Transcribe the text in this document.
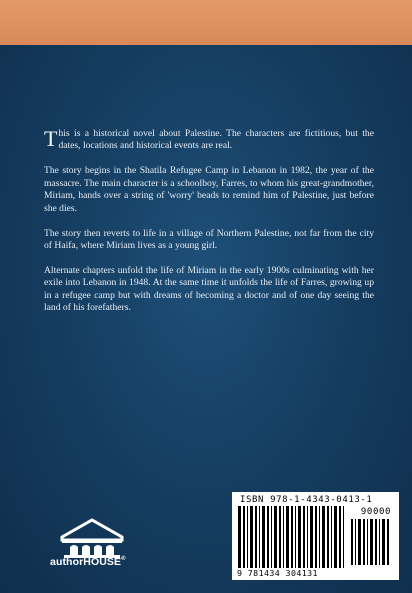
This is a historical novel about Palestine. The characters are fictitious, but the dates, locations and historical events are real.

The story begins in the Shatila Refugee Camp in Lebanon in 1982, the year of the massacre. The main character is a schoolboy, Farres, to whom his great-grandmother, Miriam, hands over a string of 'worry' beads to remind him of Palestine, just before she dies.

The story then reverts to life in a village of Northern Palestine, not far from the city of Haifa, where Miriam lives as a young girl.

Alternate chapters unfold the life of Miriam in the early 1900s culminating with her exile into Lebanon in 1948. At the same time it unfolds the life of Farres, growing up in a refugee camp but with dreams of becoming a doctor and of one day seeing the land of his forefathers.

authorHOUSE®
ISBN 978-1-4343-0413-1
90000
9 781434 304131
